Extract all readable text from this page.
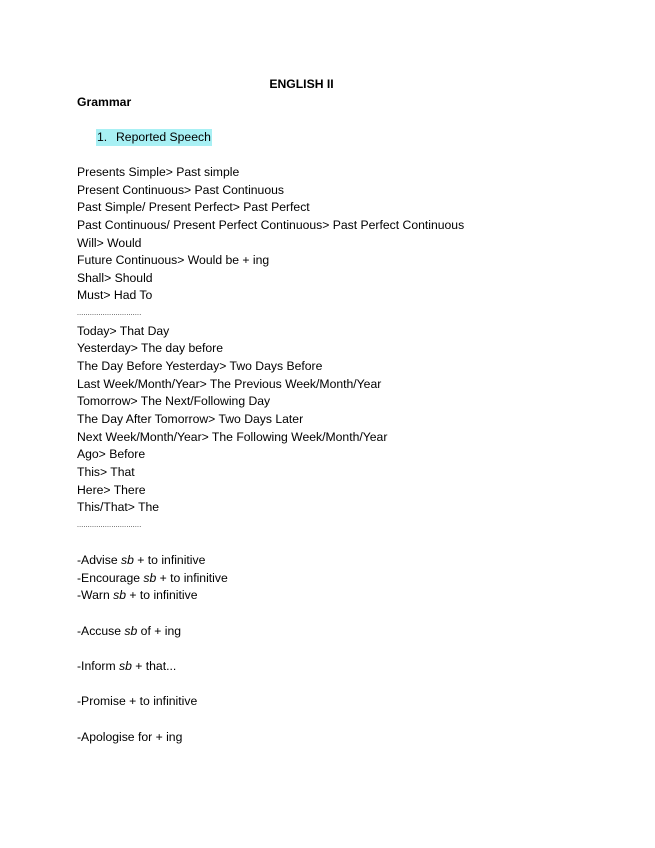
ENGLISH II
Grammar
1. Reported Speech
Presents Simple> Past simple
Present Continuous> Past Continuous
Past Simple/ Present Perfect> Past Perfect
Past Continuous/ Present Perfect Continuous> Past Perfect Continuous
Will> Would
Future Continuous> Would be + ing
Shall> Should
Must> Had To
..............................
Today> That Day
Yesterday> The day before
The Day Before Yesterday> Two Days Before
Last Week/Month/Year> The Previous Week/Month/Year
Tomorrow> The Next/Following Day
The Day After Tomorrow> Two Days Later
Next Week/Month/Year> The Following Week/Month/Year
Ago> Before
This> That
Here> There
This/That> The
..............................
-Advise sb + to infinitive
-Encourage sb + to infinitive
-Warn sb + to infinitive
-Accuse sb of + ing
-Inform sb + that...
-Promise + to infinitive
-Apologise for + ing
